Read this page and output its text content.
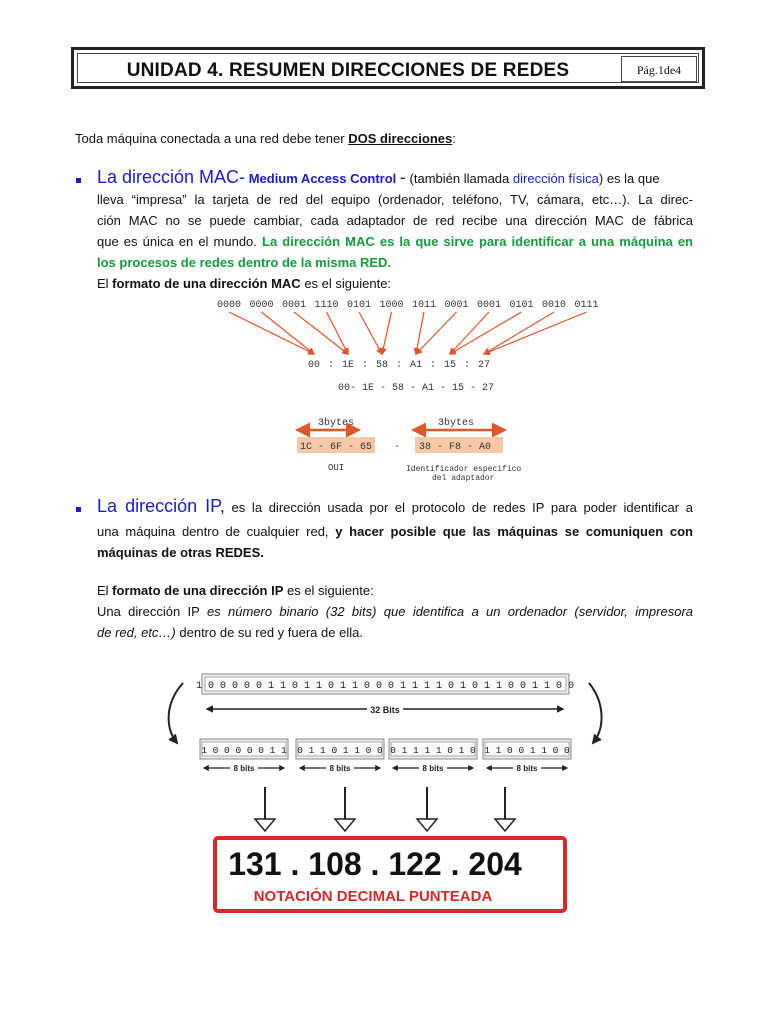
UNIDAD 4. RESUMEN DIRECCIONES DE REDES	Pág.1de4
Toda máquina conectada a una red debe tener DOS direcciones:
La dirección MAC- Medium Access Control - (también llamada dirección física) es la que
lleva “impresa” la tarjeta de red del equipo (ordenador, teléfono, TV, cámara, etc…). La direc-
ción MAC no se puede cambiar, cada adaptador de red recibe una dirección MAC de fábrica
que es única en el mundo. La dirección MAC es la que sirve para identificar a una máquina en
los procesos de redes dentro de la misma RED.
El formato de una dirección MAC es el siguiente:
0000 0000 0001 1110 0101 1000 1011 0001 0001 0101 0010 0111
00 : 1E : 58 : A1 : 15 : 27
00- 1E - 58 - A1 - 15 - 27
3bytes	3bytes
1C - 6F - 65 - 38 - F8 - A0
OUI	Identificador especifico
del adaptador
La dirección IP, es la dirección usada por el protocolo de redes IP para poder identificar a
una máquina dentro de cualquier red, y hacer posible que las máquinas se comuniquen con
máquinas de otras REDES.
El formato de una dirección IP es el siguiente:
Una dirección IP es número binario (32 bits) que identifica a un ordenador (servidor, impresora
de red, etc…) dentro de su red y fuera de ella.
1 0 0 0 0 0 1 1 0 1 1 0 1 1 0 0 0 1 1 1 1 0 1 0 1 1 0 0 1 1 0 0
32 Bits
1 0 0 0 0 0 1 1
8 bits
0 1 1 0 1 1 0 0
8 bits
0 1 1 1 1 0 1 0
8 bits
1 1 0 0 1 1 0 0
8 bits
131 . 108 . 122 . 204
NOTACIÓN DECIMAL PUNTEADA
